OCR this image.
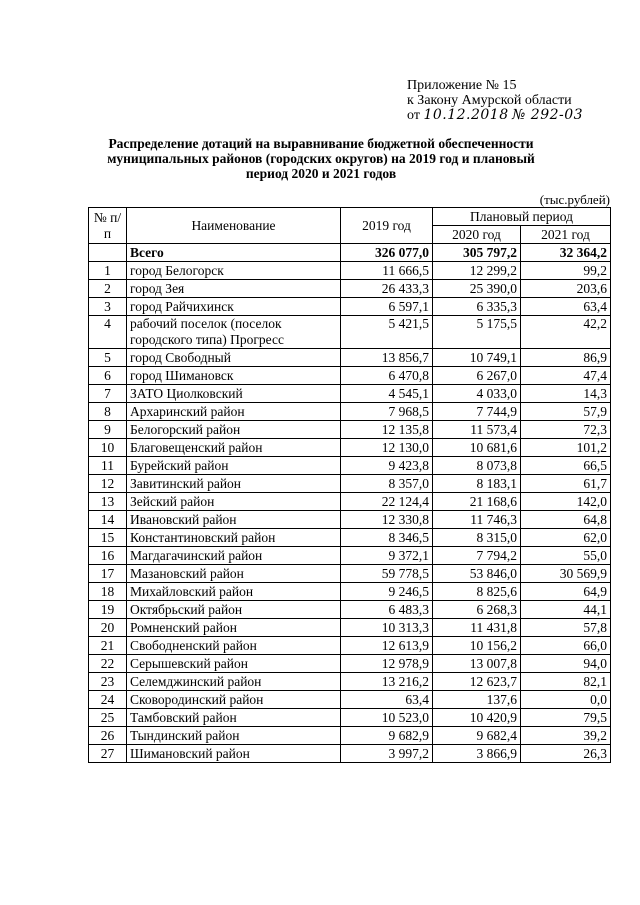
Приложение № 15
к Закону Амурской области
от 10.12.2018 № 292-03
Распределение дотаций на выравнивание бюджетной обеспеченности муниципальных районов (городских округов) на 2019 год и плановый период 2020 и 2021 годов
(тыс.рублей)
№ п/п	Наименование	2019 год	Плановый период	
			2020 год	2021 год
	Всего	326 077,0	305 797,2	32 364,2
1	город Белогорск	11 666,5	12 299,2	99,2
2	город Зея	26 433,3	25 390,0	203,6
3	город Райчихинск	6 597,1	6 335,3	63,4
4	рабочий поселок (поселок городского типа) Прогресс	5 421,5	5 175,5	42,2
5	город Свободный	13 856,7	10 749,1	86,9
6	город Шимановск	6 470,8	6 267,0	47,4
7	ЗАТО Циолковский	4 545,1	4 033,0	14,3
8	Архаринский район	7 968,5	7 744,9	57,9
9	Белогорский район	12 135,8	11 573,4	72,3
10	Благовещенский район	12 130,0	10 681,6	101,2
11	Бурейский район	9 423,8	8 073,8	66,5
12	Завитинский район	8 357,0	8 183,1	61,7
13	Зейский район	22 124,4	21 168,6	142,0
14	Ивановский район	12 330,8	11 746,3	64,8
15	Константиновский район	8 346,5	8 315,0	62,0
16	Магдагачинский район	9 372,1	7 794,2	55,0
17	Мазановский район	59 778,5	53 846,0	30 569,9
18	Михайловский район	9 246,5	8 825,6	64,9
19	Октябрьский район	6 483,3	6 268,3	44,1
20	Ромненский район	10 313,3	11 431,8	57,8
21	Свободненский район	12 613,9	10 156,2	66,0
22	Серышевский район	12 978,9	13 007,8	94,0
23	Селемджинский район	13 216,2	12 623,7	82,1
24	Сковородинский район	63,4	137,6	0,0
25	Тамбовский район	10 523,0	10 420,9	79,5
26	Тындинский район	9 682,9	9 682,4	39,2
27	Шимановский район	3 997,2	3 866,9	26,3
